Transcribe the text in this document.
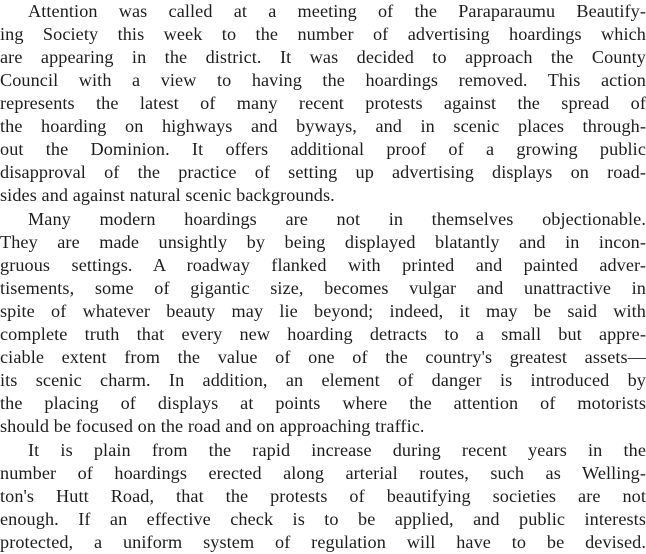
Attention was called at a meeting of the Paraparaumu Beautify-
ing Society this week to the number of advertising hoardings which
are appearing in the district. It was decided to approach the County
Council with a view to having the hoardings removed. This action
represents the latest of many recent protests against the spread of
the hoarding on highways and byways, and in scenic places through-
out the Dominion. It offers additional proof of a growing public
disapproval of the practice of setting up advertising displays on road-
sides and against natural scenic backgrounds.
Many modern hoardings are not in themselves objectionable.
They are made unsightly by being displayed blatantly and in incon-
gruous settings. A roadway flanked with printed and painted adver-
tisements, some of gigantic size, becomes vulgar and unattractive in
spite of whatever beauty may lie beyond; indeed, it may be said with
complete truth that every new hoarding detracts to a small but appre-
ciable extent from the value of one of the country's greatest assets—
its scenic charm. In addition, an element of danger is introduced by
the placing of displays at points where the attention of motorists
should be focused on the road and on approaching traffic.
It is plain from the rapid increase during recent years in the
number of hoardings erected along arterial routes, such as Welling-
ton's Hutt Road, that the protests of beautifying societies are not
enough. If an effective check is to be applied, and public interests
protected, a uniform system of regulation will have to be devised.
